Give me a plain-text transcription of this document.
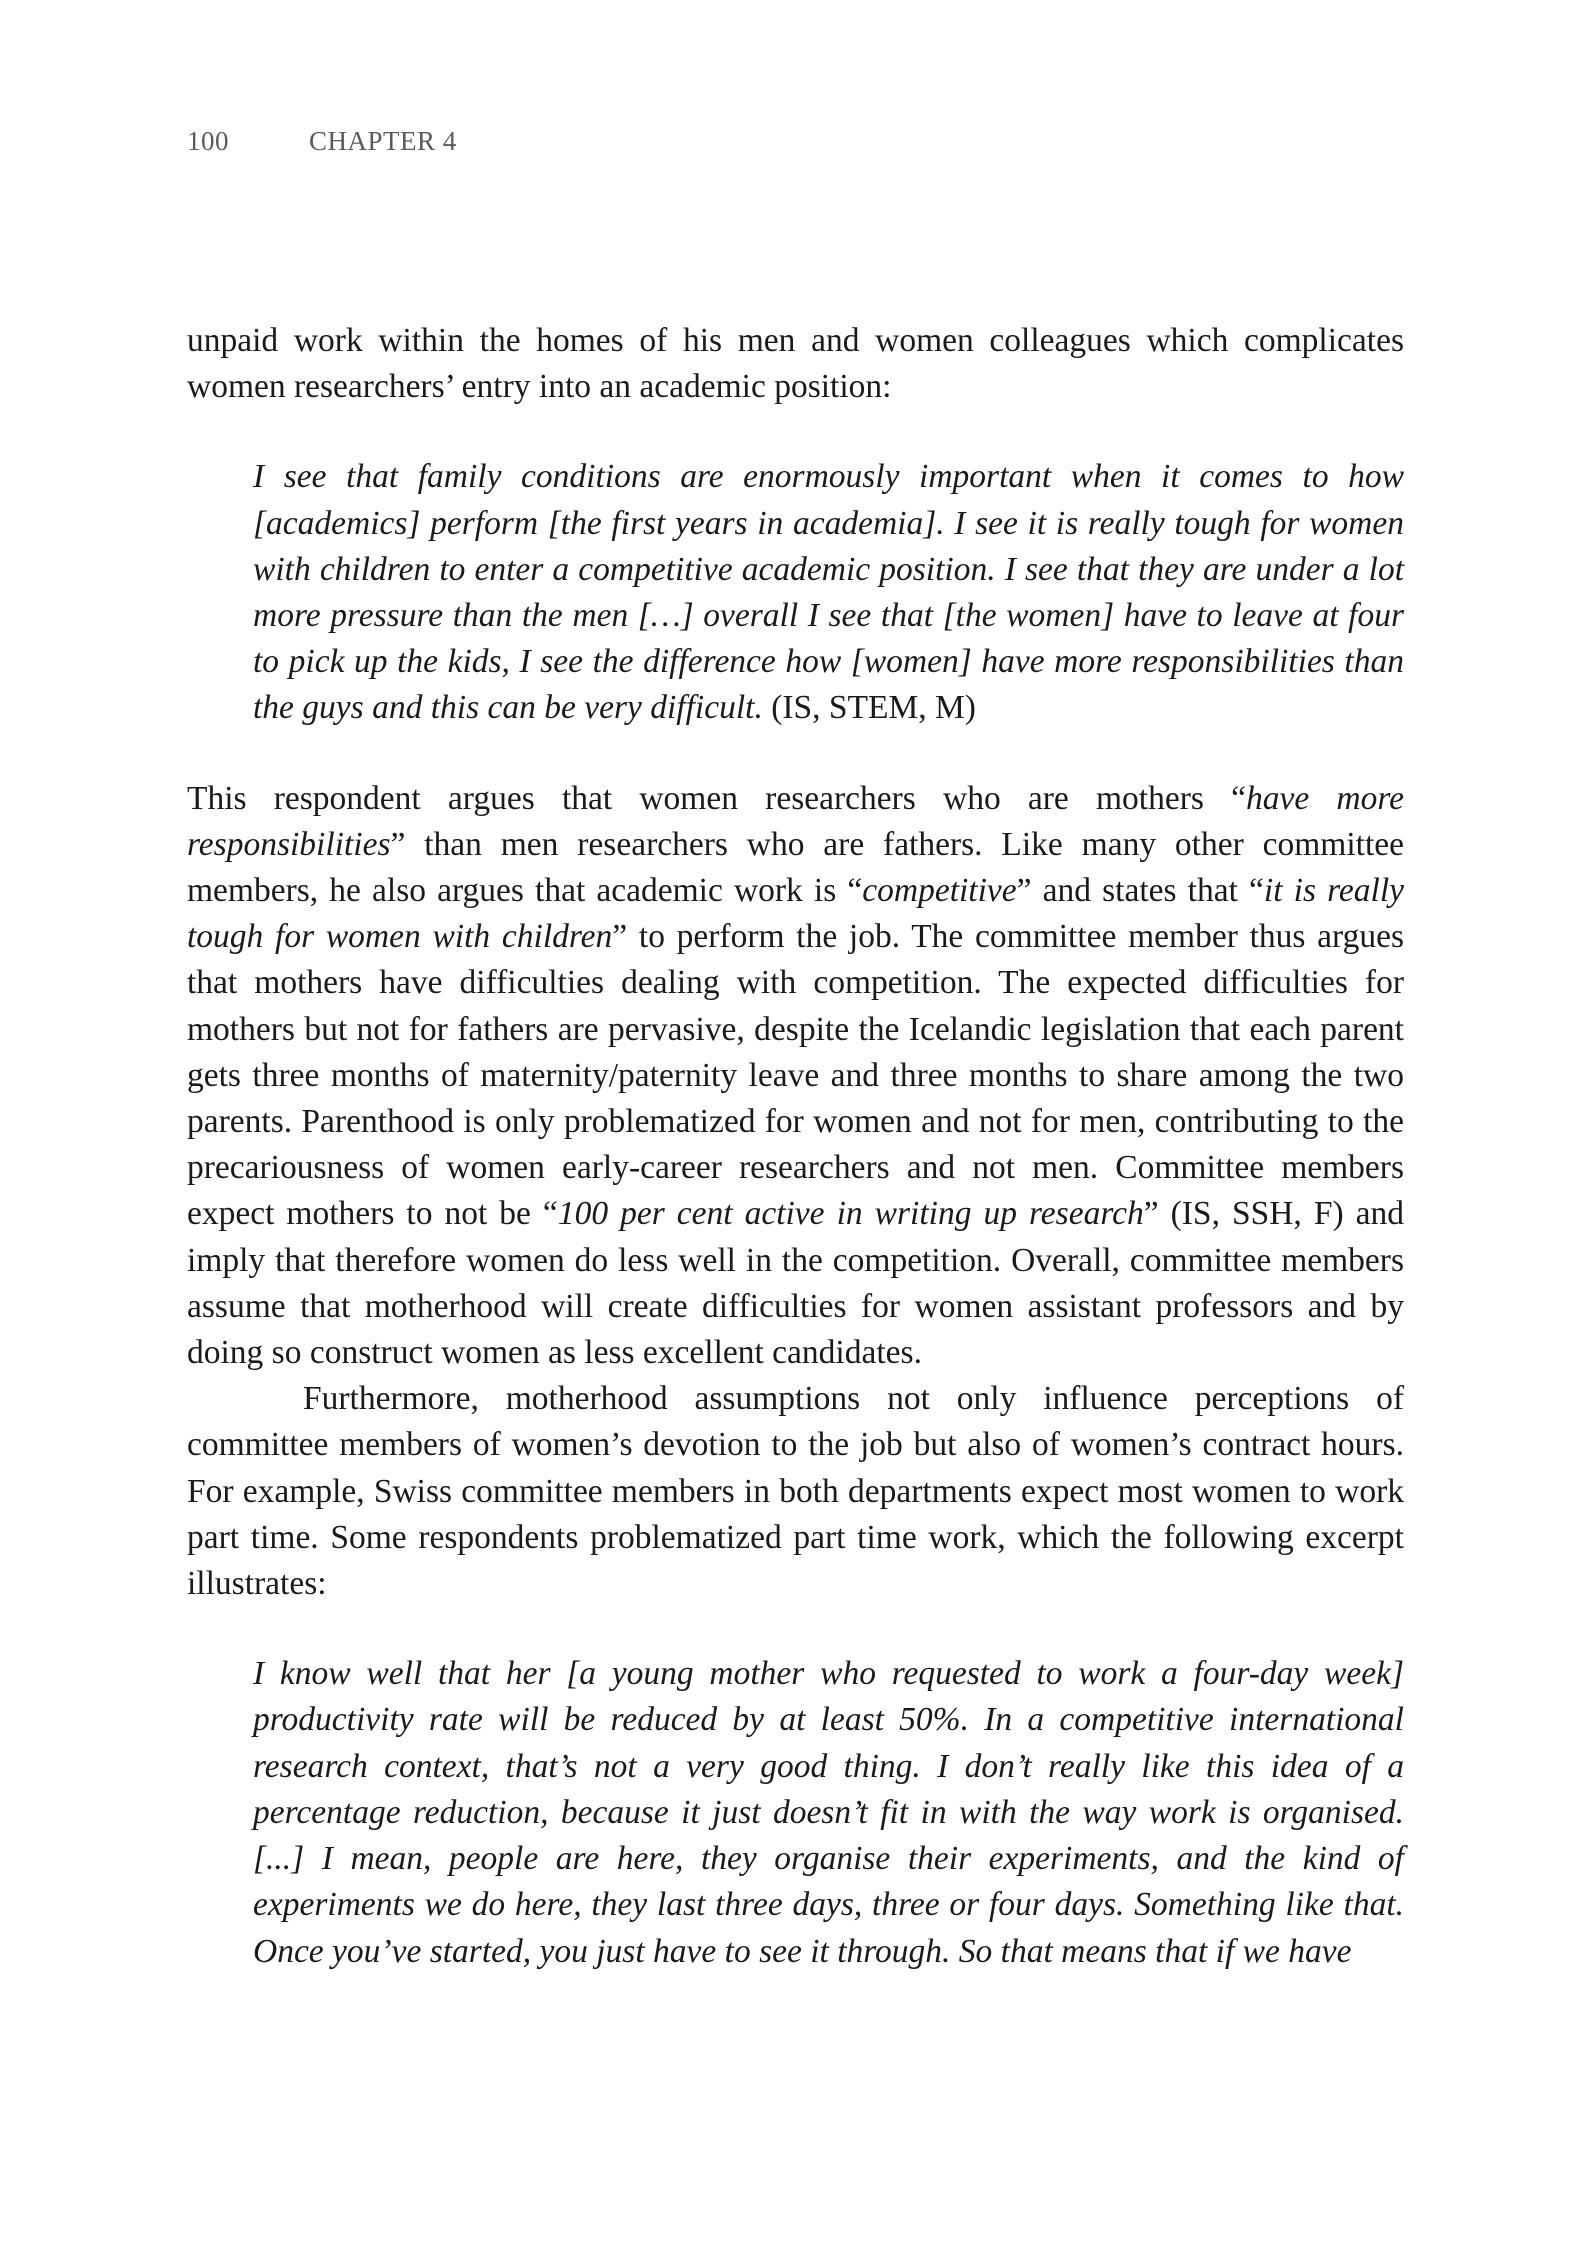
100	CHAPTER 4

unpaid work within the homes of his men and women colleagues which complicates women researchers’ entry into an academic position:

I see that family conditions are enormously important when it comes to how [academics] perform [the first years in academia]. I see it is really tough for women with children to enter a competitive academic position. I see that they are under a lot more pressure than the men […] overall I see that [the women] have to leave at four to pick up the kids, I see the difference how [women] have more responsibilities than the guys and this can be very difficult. (IS, STEM, M)

This respondent argues that women researchers who are mothers “have more responsibilities” than men researchers who are fathers. Like many other committee members, he also argues that academic work is “competitive” and states that “it is really tough for women with children” to perform the job. The committee member thus argues that mothers have difficulties dealing with competition. The expected difficulties for mothers but not for fathers are pervasive, despite the Icelandic legislation that each parent gets three months of maternity/paternity leave and three months to share among the two parents. Parenthood is only problematized for women and not for men, contributing to the precariousness of women early-career researchers and not men. Committee members expect mothers to not be “100 per cent active in writing up research” (IS, SSH, F) and imply that therefore women do less well in the competition. Overall, committee members assume that motherhood will create difficulties for women assistant professors and by doing so construct women as less excellent candidates.

Furthermore, motherhood assumptions not only influence perceptions of committee members of women’s devotion to the job but also of women’s contract hours. For example, Swiss committee members in both departments expect most women to work part time. Some respondents problematized part time work, which the following excerpt illustrates:

I know well that her [a young mother who requested to work a four-day week] productivity rate will be reduced by at least 50%. In a competitive international research context, that’s not a very good thing. I don’t really like this idea of a percentage reduction, because it just doesn’t fit in with the way work is organised. [...] I mean, people are here, they organise their experiments, and the kind of experiments we do here, they last three days, three or four days. Something like that. Once you’ve started, you just have to see it through. So that means that if we have
